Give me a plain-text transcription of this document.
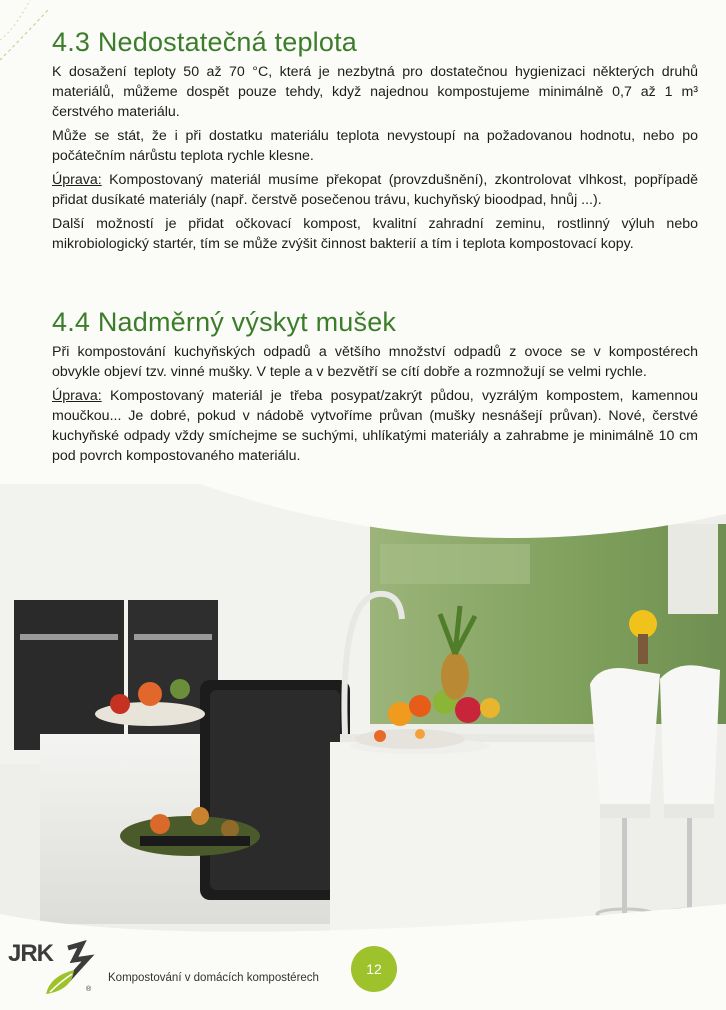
4.3 Nedostatečná teplota

K dosažení teploty 50 až 70 °C, která je nezbytná pro dostatečnou hygienizaci některých druhů materiálů, můžeme dospět pouze tehdy, když najednou kompostujeme minimálně 0,7 až 1 m³ čerstvého materiálu.

Může se stát, že i při dostatku materiálu teplota nevystoupí na požadovanou hodnotu, nebo po počátečním nárůstu teplota rychle klesne.

Úprava: Kompostovaný materiál musíme překopat (provzdušnění), zkontrolovat vlhkost, popřípadě přidat dusíkaté materiály (např. čerstvě posečenou trávu, kuchyňský bioodpad, hnůj ...).

Další možností je přidat očkovací kompost, kvalitní zahradní zeminu, rostlinný výluh nebo mikrobiologický startér, tím se může zvýšit činnost bakterií a tím i teplota kompostovací kopy.

4.4 Nadměrný výskyt mušek

Při kompostování kuchyňských odpadů a většího množství odpadů z ovoce se v kompostérech obvykle objeví tzv. vinné mušky. V teple a v bezvětří se cítí dobře a rozmnožují se velmi rychle.

Úprava: Kompostovaný materiál je třeba posypat/zakrýt půdou, vyzrálým kompostem, kamennou moučkou... Je dobré, pokud v nádobě vytvoříme průvan (mušky nesnášejí průvan). Nové, čerstvé kuchyňské odpady vždy smíchejme se suchými, uhlíkatými materiály a zahrabme je minimálně 10 cm pod povrch kompostovaného materiálu.

JRK
®
Kompostování v domácích kompostérech
12
